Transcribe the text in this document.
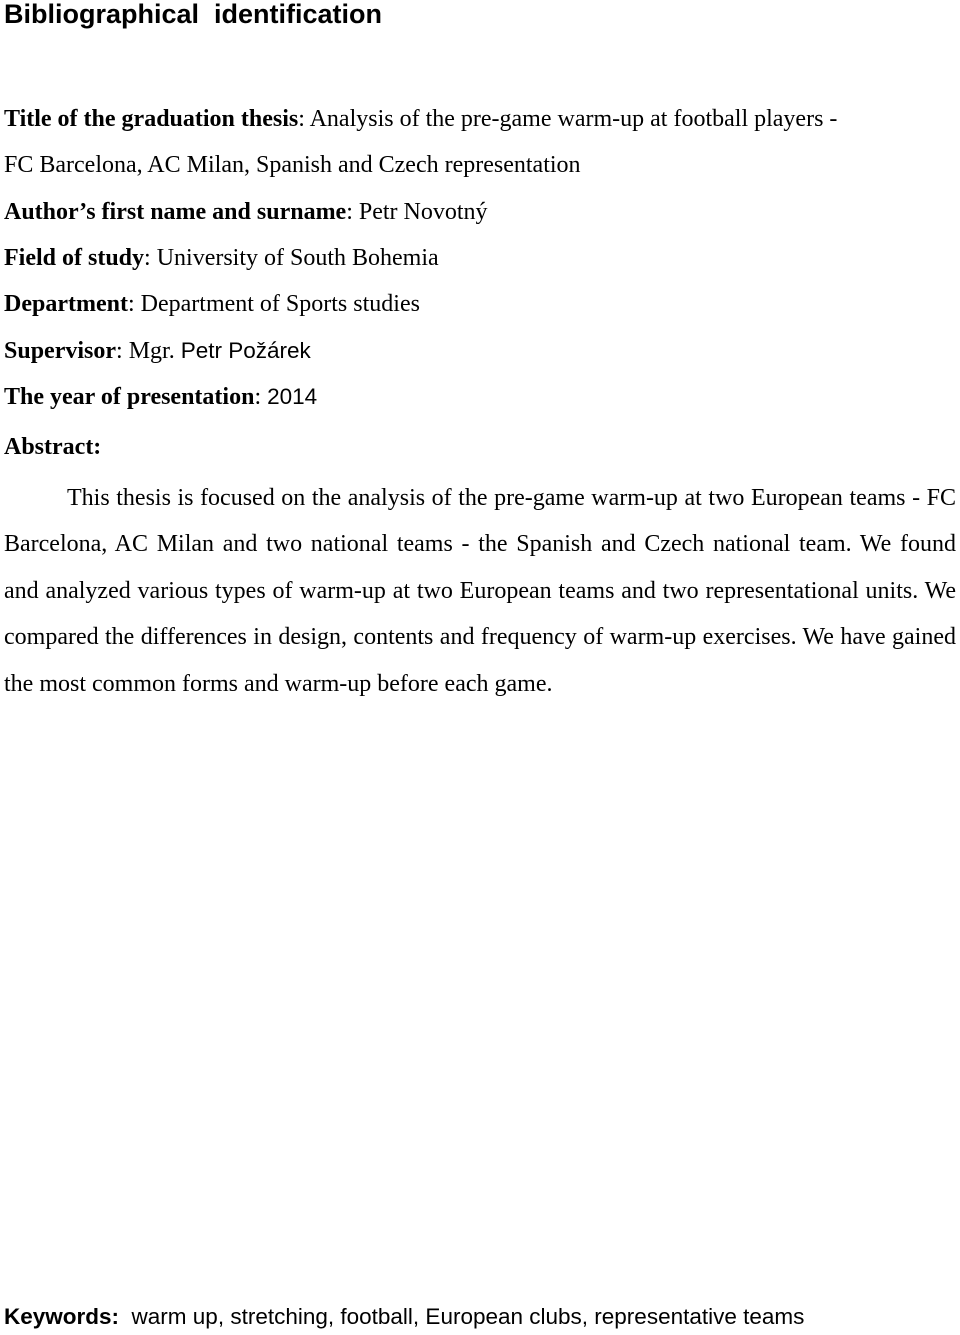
Bibliographical  identification
Title of the graduation thesis: Analysis of the pre-game warm-up at football players -
FC Barcelona, AC Milan, Spanish and Czech representation
Author’s first name and surname: Petr Novotný
Field of study: University of South Bohemia
Department: Department of Sports studies
Supervisor: Mgr. Petr Požárek
The year of presentation: 2014
Abstract:
This thesis is focused on the analysis of the pre-game warm-up at two European teams - FC Barcelona, AC Milan and two national teams - the Spanish and Czech national team. We found and analyzed various types of warm-up at two European teams and two representational units. We compared the differences in design, contents and frequency of warm-up exercises. We have gained the most common forms and warm-up before each game.
Keywords: warm up, stretching, football, European clubs, representative teams
